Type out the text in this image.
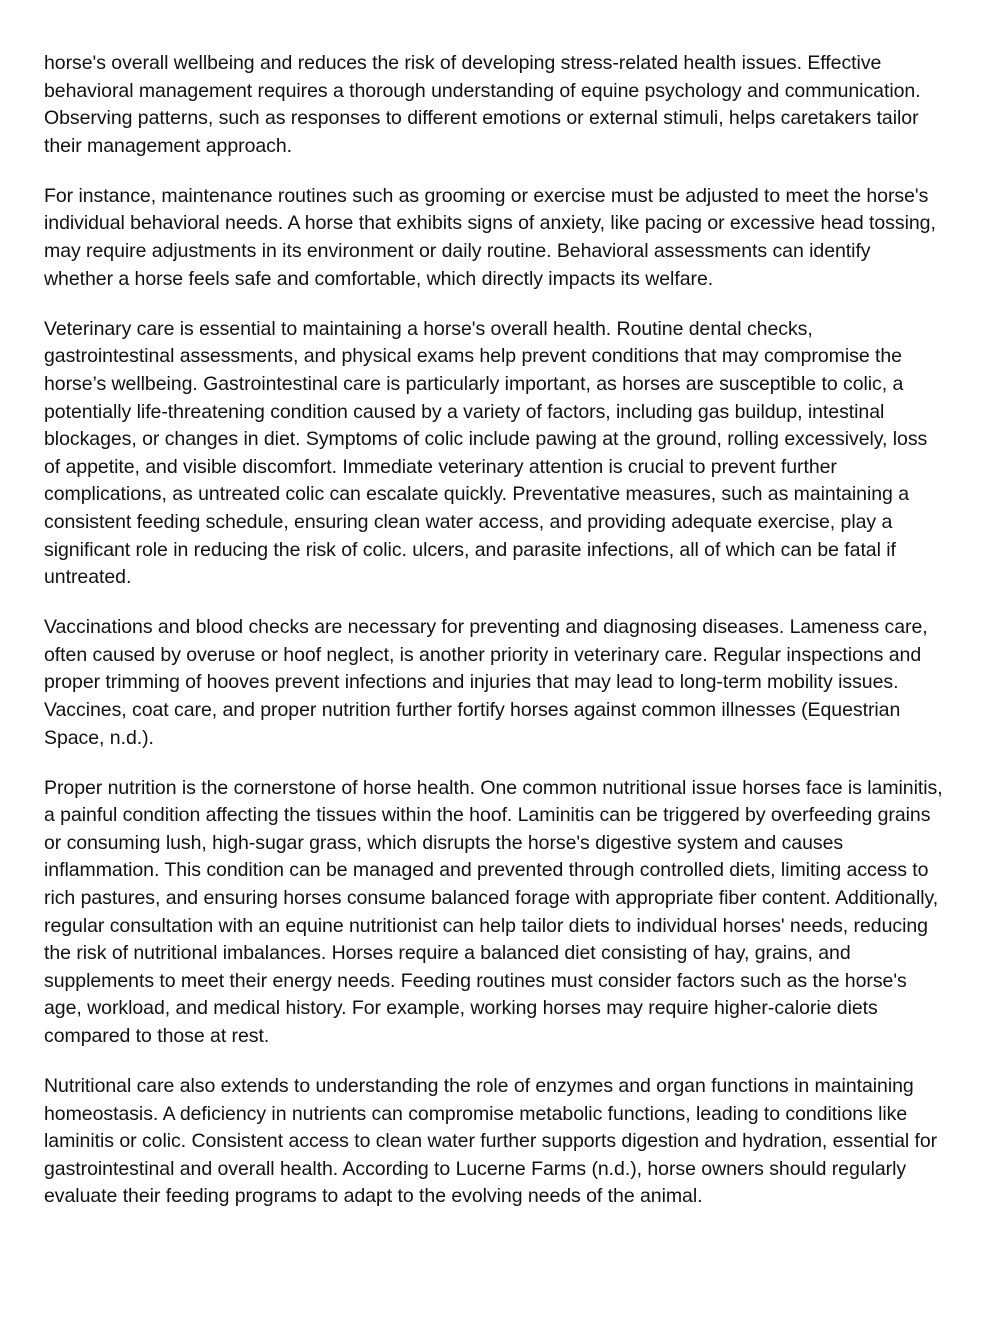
horse's overall wellbeing and reduces the risk of developing stress-related health issues. Effective behavioral management requires a thorough understanding of equine psychology and communication. Observing patterns, such as responses to different emotions or external stimuli, helps caretakers tailor their management approach.

For instance, maintenance routines such as grooming or exercise must be adjusted to meet the horse's individual behavioral needs. A horse that exhibits signs of anxiety, like pacing or excessive head tossing, may require adjustments in its environment or daily routine. Behavioral assessments can identify whether a horse feels safe and comfortable, which directly impacts its welfare.

Veterinary care is essential to maintaining a horse's overall health. Routine dental checks, gastrointestinal assessments, and physical exams help prevent conditions that may compromise the horse’s wellbeing. Gastrointestinal care is particularly important, as horses are susceptible to colic, a potentially life-threatening condition caused by a variety of factors, including gas buildup, intestinal blockages, or changes in diet. Symptoms of colic include pawing at the ground, rolling excessively, loss of appetite, and visible discomfort. Immediate veterinary attention is crucial to prevent further complications, as untreated colic can escalate quickly. Preventative measures, such as maintaining a consistent feeding schedule, ensuring clean water access, and providing adequate exercise, play a significant role in reducing the risk of colic. ulcers, and parasite infections, all of which can be fatal if untreated.

Vaccinations and blood checks are necessary for preventing and diagnosing diseases. Lameness care, often caused by overuse or hoof neglect, is another priority in veterinary care. Regular inspections and proper trimming of hooves prevent infections and injuries that may lead to long-term mobility issues. Vaccines, coat care, and proper nutrition further fortify horses against common illnesses (Equestrian Space, n.d.).

Proper nutrition is the cornerstone of horse health. One common nutritional issue horses face is laminitis, a painful condition affecting the tissues within the hoof. Laminitis can be triggered by overfeeding grains or consuming lush, high-sugar grass, which disrupts the horse's digestive system and causes inflammation. This condition can be managed and prevented through controlled diets, limiting access to rich pastures, and ensuring horses consume balanced forage with appropriate fiber content. Additionally, regular consultation with an equine nutritionist can help tailor diets to individual horses' needs, reducing the risk of nutritional imbalances. Horses require a balanced diet consisting of hay, grains, and supplements to meet their energy needs. Feeding routines must consider factors such as the horse's age, workload, and medical history. For example, working horses may require higher-calorie diets compared to those at rest.

Nutritional care also extends to understanding the role of enzymes and organ functions in maintaining homeostasis. A deficiency in nutrients can compromise metabolic functions, leading to conditions like laminitis or colic. Consistent access to clean water further supports digestion and hydration, essential for gastrointestinal and overall health. According to Lucerne Farms (n.d.), horse owners should regularly evaluate their feeding programs to adapt to the evolving needs of the animal.
